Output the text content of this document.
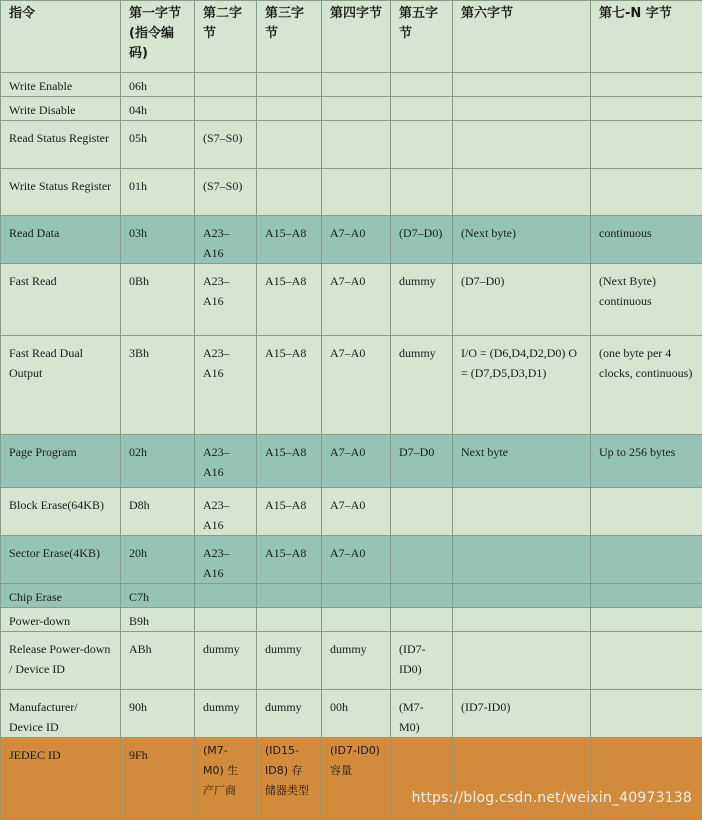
指令	第一字节(指令编码)	第二字节	第三字节	第四字节	第五字节	第六字节	第七-N 字节
Write Enable	06h						
Write Disable	04h						
Read Status Register	05h	(S7–S0)					
Write Status Register	01h	(S7–S0)					
Read Data	03h	A23–A16	A15–A8	A7–A0	(D7–D0)	(Next byte)	continuous
Fast Read	0Bh	A23–A16	A15–A8	A7–A0	dummy	(D7–D0)	(Next Byte) continuous
Fast Read Dual Output	3Bh	A23–A16	A15–A8	A7–A0	dummy	I/O = (D6,D4,D2,D0) O = (D7,D5,D3,D1)	(one byte per 4 clocks, continuous)
Page Program	02h	A23–A16	A15–A8	A7–A0	D7–D0	Next byte	Up to 256 bytes
Block Erase(64KB)	D8h	A23–A16	A15–A8	A7–A0			
Sector Erase(4KB)	20h	A23–A16	A15–A8	A7–A0			
Chip Erase	C7h						
Power-down	B9h						
Release Power-down / Device ID	ABh	dummy	dummy	dummy	(ID7-ID0)		
Manufacturer/ Device ID	90h	dummy	dummy	00h	(M7-M0)	(ID7-ID0)	
JEDEC ID	9Fh	(M7-M0) 生产厂商	(ID15-ID8) 存储器类型	(ID7-ID0) 容量			
https://blog.csdn.net/weixin_40973138
